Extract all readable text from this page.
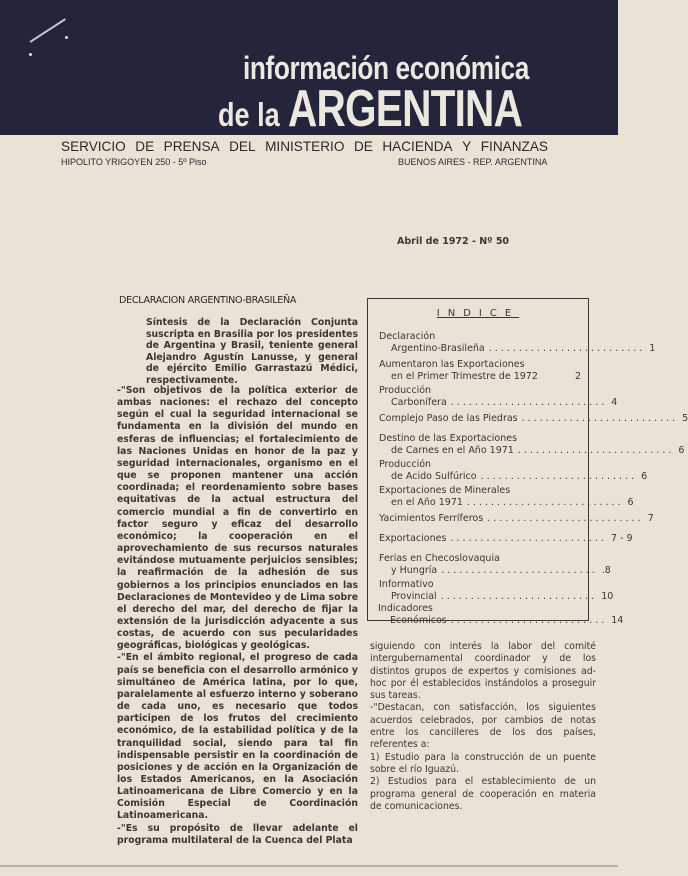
información económica
de la ARGENTINA
SERVICIO DE PRENSA DEL MINISTERIO DE HACIENDA Y FINANZAS
HIPOLITO YRIGOYEN 250 - 5º Piso	BUENOS AIRES - REP. ARGENTINA
Abril de 1972 - Nº 50
DECLARACION ARGENTINO-BRASILEÑA
Síntesis de la Declaración Conjunta suscripta en Brasilia por los presidentes de Argentina y Brasil, teniente general Alejandro Agustín Lanusse, y general de ejército Emilio Garrastazú Médici, respectivamente.

-"Son objetivos de la política exterior de ambas naciones: el rechazo del concepto según el cual la seguridad internacional se fundamenta en la división del mundo en esferas de influencias; el fortalecimiento de las Naciones Unidas en honor de la paz y seguridad internacionales, organismo en el que se proponen mantener una acción coordinada; el reordenamiento sobre bases equitativas de la actual estructura del comercio mundial a fin de convertirlo en factor seguro y eficaz del desarrollo económico; la cooperación en el aprovechamiento de sus recursos naturales evitándose mutuamente perjuicios sensibles; la reafirmación de la adhesión de sus gobiernos a los principios enunciados en las Declaraciones de Montevideo y de Lima sobre el derecho del mar, del derecho de fijar la extensión de la jurisdicción adyacente a sus costas, de acuerdo con sus pecularidades geográficas, biológicas y geológicas.

-"En el ámbito regional, el progreso de cada país se beneficia con el desarrollo armónico y simultáneo de América latina, por lo que, paralelamente al esfuerzo interno y soberano de cada uno, es necesario que todos participen de los frutos del crecimiento económico, de la estabilidad política y de la tranquilidad social, siendo para tal fin indispensable persistir en la coordinación de posiciones y de acción en la Organización de los Estados Americanos, en la Asociación Latinoamericana de Libre Comercio y en la Comisión Especial de Coordinación Latinoamericana.

-"Es su propósito de llevar adelante el programa multilateral de la Cuenca del Plata

INDICE
Declaración
Argentino-Brasileña .......................... 1
Aumentaron las Exportaciones
en el Primer Trimestre de 1972	2
Producción
Carbonífera .......................... 4
Complejo Paso de las Piedras .......................... 5
Destino de las Exportaciones
de Carnes en el Año 1971 .......................... 6
Producción
de Acido Sulfúrico .......................... 6
Exportaciones de Minerales
en el Año 1971 .......................... 6
Yacimientos Ferríferos .......................... 7
Exportaciones .......................... 7 - 9
Ferias en Checoslovaquia
y Hungría .......................... .8
Informativo
Provincial .......................... 10
Indicadores
Económicos .......................... 14

siguiendo con interés la labor del comité intergubernamental coordinador y de los distintos grupos de expertos y comisiones ad-hoc por él establecidos instándolos a proseguir sus tareas.

-"Destacan, con satisfacción, los siguientes acuerdos celebrados, por cambios de notas entre los cancilleres de los dos países, referentes a:

1) Estudio para la construcción de un puente sobre el río Iguazú.

2) Estudios para el establecimiento de un programa general de cooperación en materia de comunicaciones.
